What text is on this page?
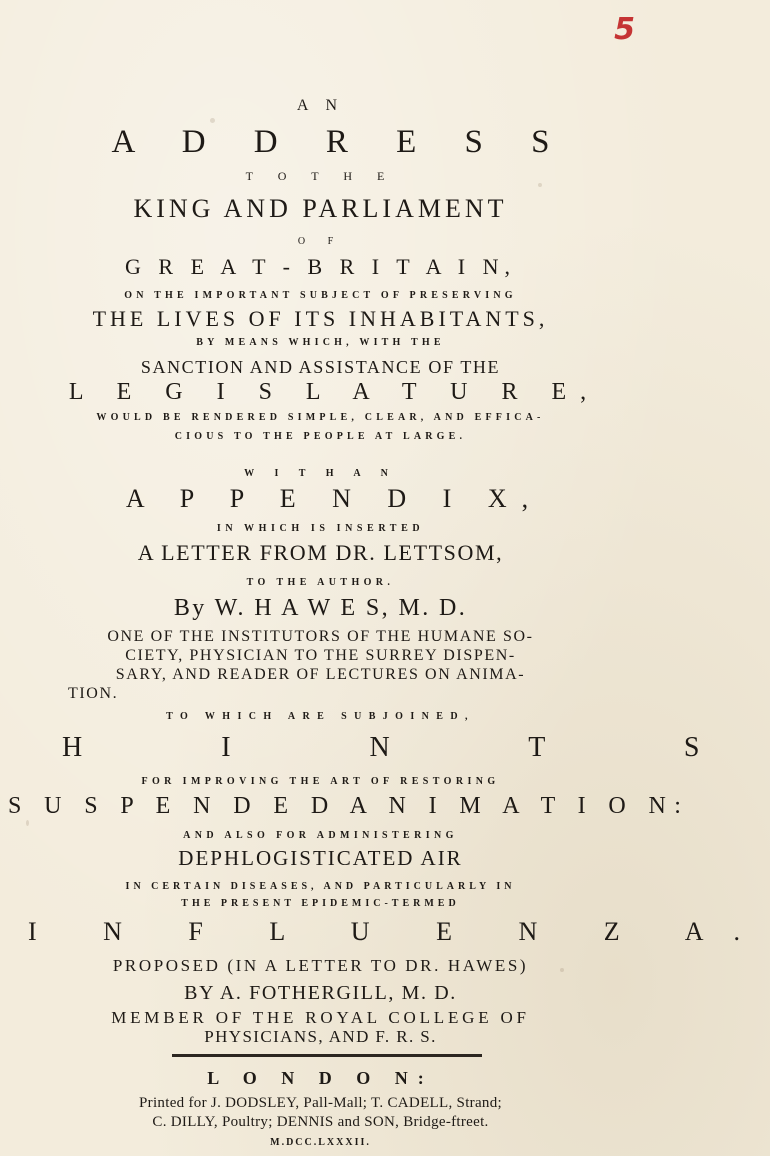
5
A N
A D D R E S S
T O T H E
KING AND PARLIAMENT
O F
G R E A T - B R I T A I N,
ON THE IMPORTANT SUBJECT OF PRESERVING
THE LIVES OF ITS INHABITANTS,
BY MEANS WHICH, WITH THE
SANCTION AND ASSISTANCE OF THE
L E G I S L A T U R E,
WOULD BE RENDERED SIMPLE, CLEAR, AND EFFICA-
CIOUS TO THE PEOPLE AT LARGE.
W I T H A N
A P P E N D I X,
IN WHICH IS INSERTED
A LETTER FROM DR. LETTSOM,
TO THE AUTHOR.
By W. H A W E S, M. D.
ONE OF THE INSTITUTORS OF THE HUMANE SO-
CIETY, PHYSICIAN TO THE SURREY DISPEN-
SARY, AND READER OF LECTURES ON ANIMA-
TION.
TO WHICH ARE SUBJOINED,
H I N T S
FOR IMPROVING THE ART OF RESTORING
S U S P E N D E D A N I M A T I O N:
AND ALSO FOR ADMINISTERING
DEPHLOGISTICATED AIR
IN CERTAIN DISEASES, AND PARTICULARLY IN
THE PRESENT EPIDEMIC-TERMED
I N F L U E N Z A.
PROPOSED (IN A LETTER TO DR. HAWES)
BY A. FOTHERGILL, M. D.
MEMBER OF THE ROYAL COLLEGE OF
PHYSICIANS, AND F. R. S.
L O N D O N:
Printed for J. DODSLEY, Pall-Mall; T. CADELL, Strand;
C. DILLY, Poultry; DENNIS and SON, Bridge-ftreet.
M.DCC.LXXXII.
